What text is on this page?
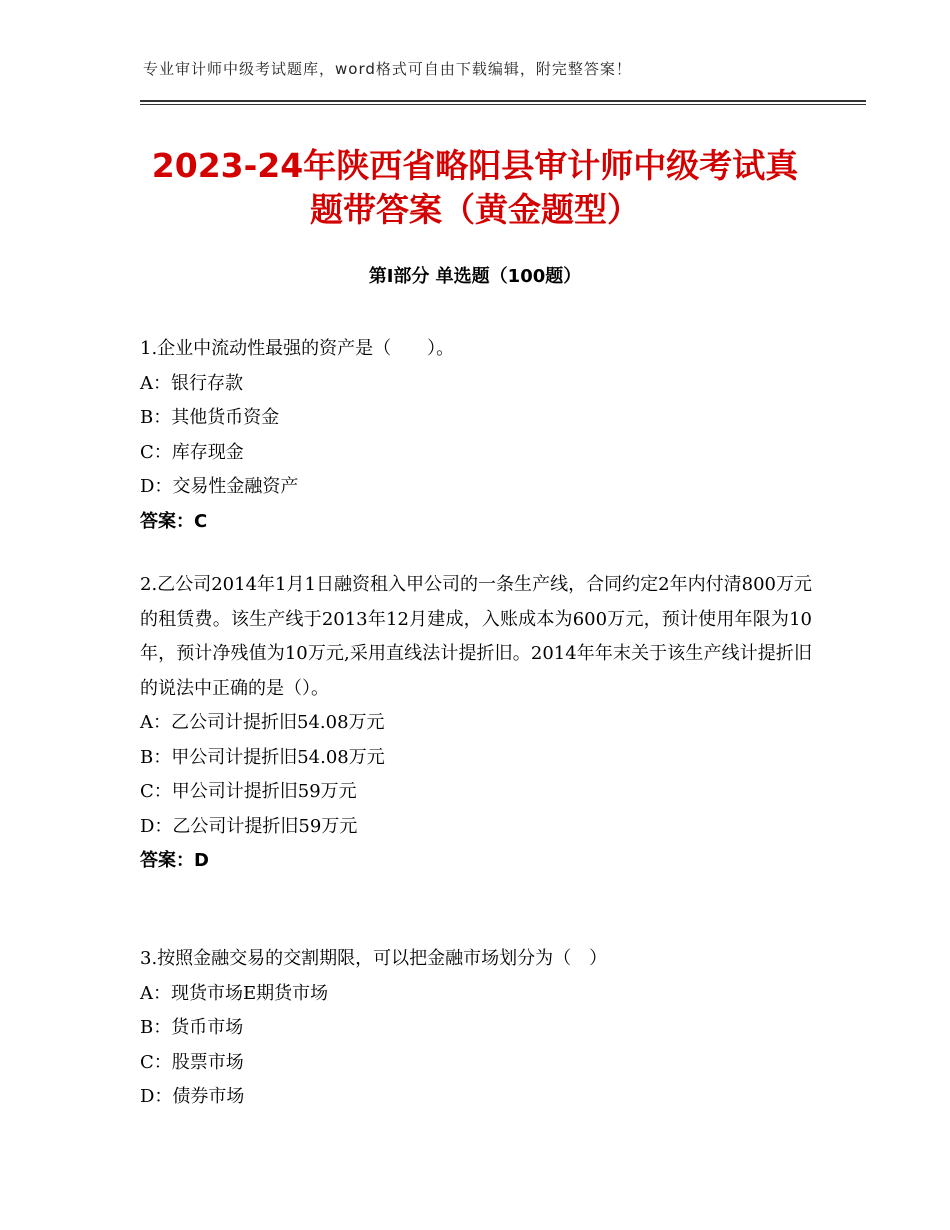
专业审计师中级考试题库，word格式可自由下载编辑，附完整答案！
2023-24年陕西省略阳县审计师中级考试真
题带答案（黄金题型）
第Ⅰ部分 单选题（100题）

1.企业中流动性最强的资产是（　　）。

A：银行存款

B：其他货币资金

C：库存现金

D：交易性金融资产

答案：C

2.乙公司2014年1月1日融资租入甲公司的一条生产线，合同约定2年内付清800万元的租赁费。该生产线于2013年12月建成，入账成本为600万元，预计使用年限为10年，预计净残值为10万元,采用直线法计提折旧。2014年年末关于该生产线计提折旧的说法中正确的是（）。

A：乙公司计提折旧54.08万元

B：甲公司计提折旧54.08万元

C：甲公司计提折旧59万元

D：乙公司计提折旧59万元

答案：D

3.按照金融交易的交割期限，可以把金融市场划分为（　）

A：现货市场E期货市场

B：货币市场

C：股票市场

D：债券市场
